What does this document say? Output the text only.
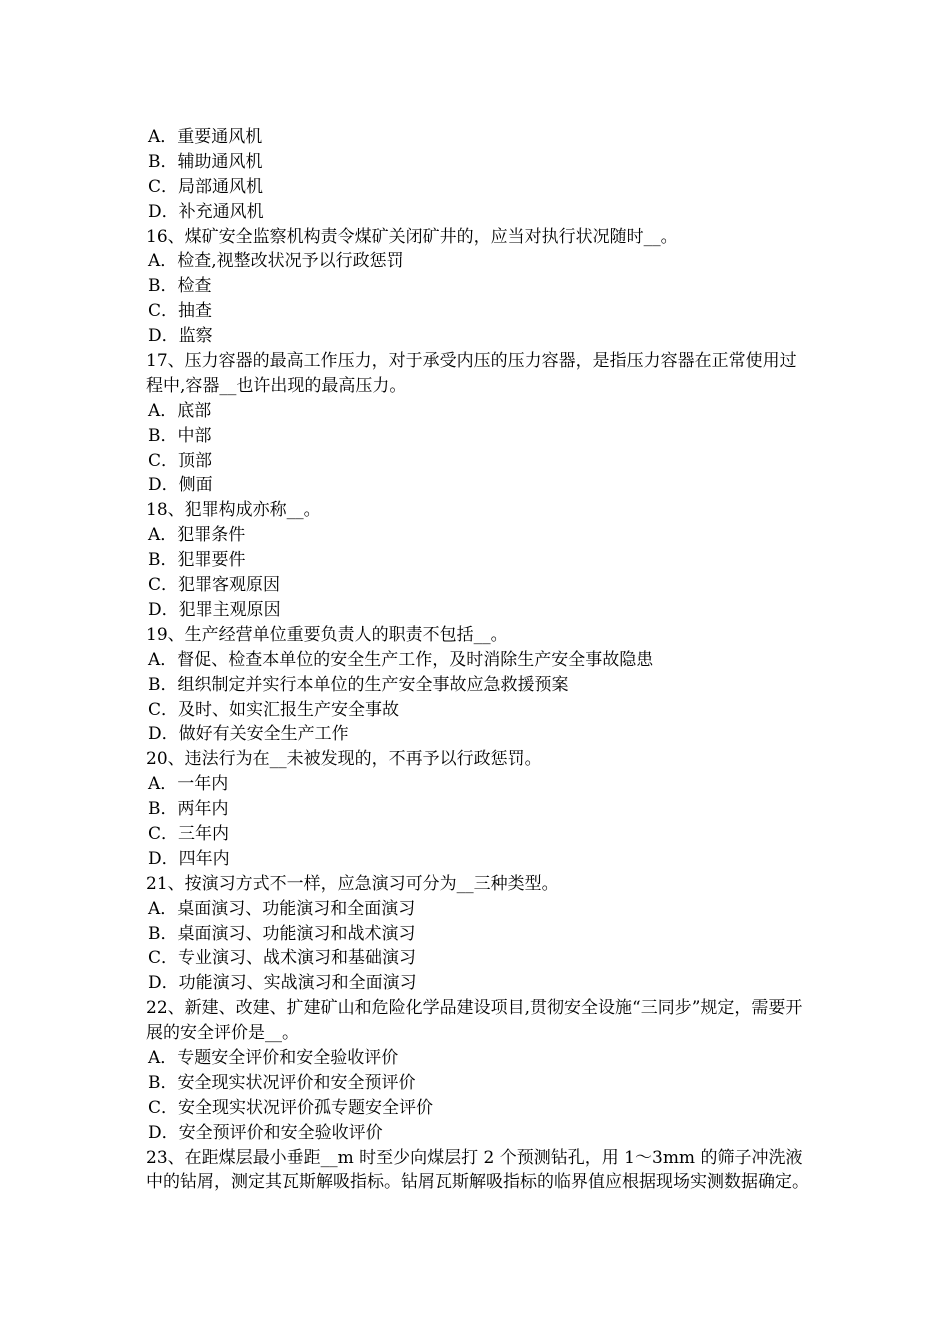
A．重要通风机
B．辅助通风机
C．局部通风机
D．补充通风机
16、煤矿安全监察机构责令煤矿关闭矿井的，应当对执行状况随时__。
A．检查,视整改状况予以行政惩罚
B．检查
C．抽查
D．监察
17、压力容器的最高工作压力，对于承受内压的压力容器，是指压力容器在正常使用过程中,容器__也许出现的最高压力。
A．底部
B．中部
C．顶部
D．侧面
18、犯罪构成亦称__。
A．犯罪条件
B．犯罪要件
C．犯罪客观原因
D．犯罪主观原因
19、生产经营单位重要负责人的职责不包括__。
A．督促、检查本单位的安全生产工作，及时消除生产安全事故隐患
B．组织制定并实行本单位的生产安全事故应急救援预案
C．及时、如实汇报生产安全事故
D．做好有关安全生产工作
20、违法行为在__未被发现的，不再予以行政惩罚。
A．一年内
B．两年内
C．三年内
D．四年内
21、按演习方式不一样，应急演习可分为__三种类型。
A．桌面演习、功能演习和全面演习
B．桌面演习、功能演习和战术演习
C．专业演习、战术演习和基础演习
D．功能演习、实战演习和全面演习
22、新建、改建、扩建矿山和危险化学品建设项目,贯彻安全设施“三同步”规定，需要开展的安全评价是__。
A．专题安全评价和安全验收评价
B．安全现实状况评价和安全预评价
C．安全现实状况评价孤专题安全评价
D．安全预评价和安全验收评价
23、在距煤层最小垂距__m 时至少向煤层打 2 个预测钻孔，用 1～3mm 的筛子冲洗液中的钻屑，测定其瓦斯解吸指标。钻屑瓦斯解吸指标的临界值应根据现场实测数据确定。
